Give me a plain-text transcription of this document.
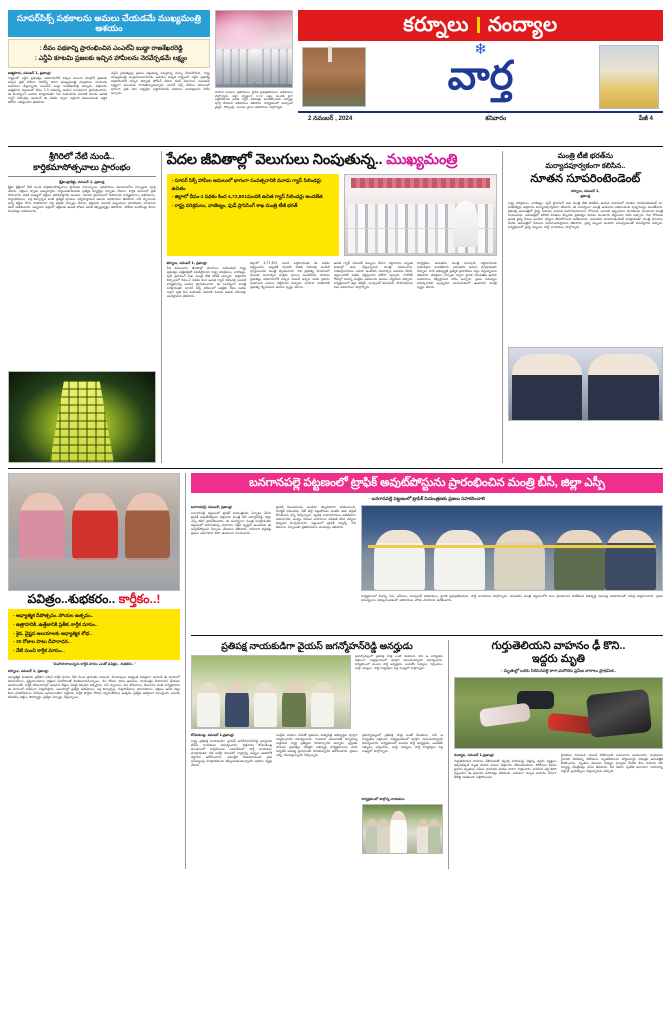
సూపర్‌సిక్స్ పథకాలను అమలు చేయడమే ముఖ్యమంత్రి ఆశయం
: దీపం పథకాన్ని ప్రారంభించిన ఎంఎల్‌ఏ బుడ్డా రాజశేఖరరెడ్డి
: ఎన్డీఏ కూటమి ప్రజలకు ఇచ్చిన హామీలను నెరవేర్చడమే లక్ష్యం
ఆత్మకూరు, నవంబర్ 1, ప్రజాంధ్ర:
రాష్ట్రంలో ఎన్డీఏ ప్రభుత్వం అధికారంలోకి వచ్చిన నాలుగు నెలల్లోనే ప్రజలకు ఇచ్చిన ప్రతి హామీని నెరవేర్చే దిశగా ముఖ్యమంత్రి చంద్రబాబు నాయుడు అడుగులు వేస్తున్నారని ఎంఎల్‌ఏ బుడ్డా రాజశేఖరరెడ్డి అన్నారు. శుక్రవారం ఆత్మకూరు పట్టణంలో దీపం 2.0 పథకాన్ని ఆయన లాంఛనంగా ప్రారంభించారు. ఈ సందర్భంగా ఆయన మాట్లాడుతూ పేద మహిళలకు ఏడాదికి మూడు ఉచిత గ్యాస్ సిలిండర్లు అందించే ఈ పథకం ద్వారా లక్షలాది కుటుంబాలకు ఆర్థిక భరోసా లభిస్తుందని తెలిపారు.
ఎన్డీఏ ప్రభుత్వంపై ప్రజలు పెట్టుకున్న నమ్మకాన్ని వమ్ము చేయబోమని, రాష్ట్ర ముఖ్యమంత్రి చంద్రబాబునాయుడు ఆశయం అన్నది రాష్ట్రంలో ఎన్డీఏ ప్రభుత్వ అధికారంలోకి వచ్చిన తర్వాత కెరోసిన్ దీపాల కంటే వెలుగులు నింపడమే లక్ష్యంగా ముందుకు సాగుతున్నామన్నారు. సూపర్ సిక్స్ హామీల అమలులో భాగంగా ప్రతి నెలా అర్హులైన లబ్ధిదారులకు పథకాలు అందిస్తామని హామీ ఇచ్చారు.	మహిళా సంఘాల ప్రతినిధులు, స్థానిక ప్రజాప్రతినిధులు, అధికారులు పాల్గొన్నారు. జిల్లా వ్యాప్తంగా 4.72 లక్షల మందికి పైగా లబ్ధిదారులకు ఉచిత గ్యాస్ సిలిండర్లు అందజేసేందుకు ఏర్పాట్లు పూర్తి చేశామని అధికారులు తెలిపారు. కార్యక్రమంలో మున్సిపల్ చైర్మన్, కౌన్సిలర్లు, మండల స్థాయి అధికారులు పాల్గొన్నారు.
కర్నూలు నంద్యాల
❄
వార్త
2 నవంబర్ , 2024	శనివారం	పేజీ 4
శ్రీగిరిలో నేటి నుండి..
కార్తికమాసోత్సవాలు ప్రారంభం
శ్రీశైలంప్రాజెక్టు, నవంబర్ 1, ప్రజాంధ్ర
శ్రీశైల క్షేత్రంలో నేటి నుండి కార్తికమాసోత్సవాలు ప్రారంభం కానున్నాయి. అధికారులు ఆలయంలోను ఏర్పాట్లను పూర్తి చేశారు. భక్తులు స్వామి అమ్మవార్లను దర్శించుకునేందుకు ప్రత్యేక క్యూలైన్లు ఏర్పాటు చేశారు. కార్తిక మాసంలో ప్రతి సోమవారం అధిక సంఖ్యలో భక్తులు తరలివస్తారని అంచనా. ఆలయ ప్రాంగణంలో దీపారాధన కార్యక్రమాలు, అభిషేకాలు, రుద్రాభిషేకాలు, లక్ష బిల్వార్చన వంటి ప్రత్యేక పూజలు నిర్వహిస్తామని ఆలయ అధికారులు తెలిపారు. నదీ స్నానాలకు వచ్చే భక్తుల కోసం పాతాళగంగ వద్ద భద్రతా ఏర్పాట్లు చేశారు. భక్తులకు ఎలాంటి ఇబ్బందులు కలగకుండా చూడాలని ఈవో ఆదేశించారు. అన్నదాన సత్రంలో భక్తులకు ఉచిత భోజన వసతి కల్పిస్తున్నట్లు తెలిపారు. పోలీసు బందోబస్తు కూడా పెంచినట్లు వివరించారు.
పేదల జీవితాల్లో వెలుగులు నింపుతున్న.. ముఖ్యమంత్రి
- సూపర్ సిక్స్ హామీల అమలులో భాగంగా సంవత్సరానికి మూడు గ్యాస్ సిలిండర్లు ఉచితం
- జిల్లాలో దీపం-2 పథకం కింద 4,72,801మందికి ఉచిత గ్యాస్ సిలిండర్లు అందజేత
- రాష్ట్ర పరిశ్రమలు, వాణిజ్యం, ఫుడ్ ప్రాసెసింగ్ శాఖ మంత్రి టీజీ భరత్
కర్నూలు, నవంబర్ 1, ప్రజాంధ్ర:
పేద కుటుంబాల జీవితాల్లో వెలుగులు నింపేందుకు రాష్ట్ర ప్రభుత్వం చిత్తశుద్ధితో పనిచేస్తోందని రాష్ట్ర పరిశ్రమలు, వాణిజ్యం, ఫుడ్ ప్రాసెసింగ్ శాఖ మంత్రి టీజీ భరత్ అన్నారు. శుక్రవారం కర్నూలులో దీపం-2 పథకం కింద ఉచిత గ్యాస్ సిలిండర్ల పంపిణీ కార్యక్రమాన్ని ఆయన ప్రారంభించారు. ఈ సందర్భంగా మంత్రి మాట్లాడుతూ సూపర్ సిక్స్ హామీలలో ఒకటైన దీపం పథకం ద్వారా ప్రతి పేద మహిళకు ఏడాదికి మూడు ఉచిత సిలిండర్లు అందిస్తామని తెలిపారు.
జిల్లాలో 4,72,801 మంది లబ్ధిదారులకు ఈ పథకం వర్తిస్తుందని, ఇప్పటికే మొదటి విడత సిలిండర్ల పంపిణీ పూర్తయిందని మంత్రి వెల్లడించారు. గత ప్రభుత్వ హయాంలో పేదలకు అందాల్సిన సంక్షేమ ఫలాలు అందలేదని, కూటమి ప్రభుత్వం అధికారంలోకి వచ్చిన వెంటనే ఇచ్చిన మాట ప్రకారం పథకాలను అమలు చేస్తోందని అన్నారు. మహిళా సాధికారతే ప్రభుత్వ ధ్యేయమని ఆయన స్పష్టం చేశారు.
ఉచిత గ్యాస్ సిలిండర్ డబ్బులు నేరుగా లబ్ధిదారుల బ్యాంకు ఖాతాల్లో జమ చేస్తున్నామని మంత్రి వివరించారు. దరఖాస్తుదారులు ఎవరూ ఆందోళన చెందాల్సిన అవసరం లేదని, అర్హులందరికీ పథకం వర్తిస్తుందని భరోసా ఇచ్చారు. రాబోయే రోజుల్లో మరిన్ని సంక్షేమ పథకాలను అమలు చేస్తామని చెప్పారు. కార్యక్రమంలో జిల్లా కలెక్టర్, మున్సిపల్ కమిషనర్, పౌరసరఫరాల శాఖ అధికారులు పాల్గొన్నారు.
కార్యక్రమం అనంతరం మంత్రి పలువురు లబ్ధిదారులకు సిలిండర్లను అందజేశారు. అనంతరం ఆయన మాట్లాడుతూ కర్నూలు నగర అభివృద్ధికి ప్రత్యేక ప్రణాళికలు సిద్ధం చేస్తున్నామని తెలిపారు. పరిశ్రమల ఏర్పాటు ద్వారా స్థానిక యువతకు ఉపాధి అవకాశాలు కల్పిస్తామని హామీ ఇచ్చారు. ప్రజల సమస్యల పరిష్కారానికి ఎల్లప్పుడూ అందుబాటులో ఉంటానని మంత్రి స్పష్టం చేశారు.
మంత్రి టీజీ భరత్‌ను
మర్యాదపూర్వకంగా కలిసిన..
నూతన సూపరింటెండెంట్
కర్నూలు, నవంబర్ 1,
ప్రజాంధ్ర
రాష్ట్ర పరిశ్రమలు, వాణిజ్యం, ఫుడ్ ప్రాసెసింగ్ శాఖ మంత్రి టీజీ భరత్‌ను ఆయన నివాసంలో నూతన సూపరింటెండెంట్ డా. వెంకటేశ్వర్లు శుక్రవారం మర్యాదపూర్వకంగా కలిశారు. ఈ సందర్భంగా మంత్రి ఆయనను అభినందించి పుష్పగుచ్ఛం అందజేశారు. ప్రభుత్వ ఆసుపత్రిలో వైద్య సేవలను మరింత మెరుగుపరచాలని, రోగులకు ఎలాంటి ఇబ్బందులు కలగకుండా చూడాలని మంత్రి సూచించారు. ఆసుపత్రిలో మౌలిక వసతుల కల్పనకు ప్రభుత్వం నిధులు మంజూరు చేస్తుందని హామీ ఇచ్చారు. పేద రోగులకు ఉచిత వైద్య సేవలు అందేలా చర్యలు తీసుకోవాలని ఆదేశించారు. అనంతరం సూపరింటెండెంట్ మాట్లాడుతూ మంత్రి సూచనల మేరకు ఆసుపత్రిలో సేవలను మెరుగుపరుస్తామని తెలిపారు. వైద్య సిబ్బంది అందరూ సమన్వయంతో పనిచేస్తారని చెప్పారు. కార్యక్రమంలో వైద్య సిబ్బంది, పార్టీ నాయకులు పాల్గొన్నారు.
పవిత్రం..శుభకరం.. కార్తీకం..!
- ఆధ్యాత్మిక దీపోత్సవం..సోయల ఉత్సవం..
- ఉత్రాహనికి..ఉత్తేజానికి ప్రతీక..కార్తీక మాసం..
- శైవ, వైష్ణవ ఆలయాలకు ఆధ్యాత్మిక శోభ..
- 30 రోజుల పాటు దీపారాధన..
- నేటి నుంచి కార్తీక మాసం...
"మహాపాపాలున్నను కార్తీక మాసం ఎంతో పవిత్రం.. శుభకరం.."
కర్నూలు, నవంబర్ 1, ప్రజాంధ్ర:
ఆధ్యాత్మిక చింతనకు ప్రతీకగా నిలిచే కార్తీక మాసం నేటి నుంచి ప్రారంభం కానుంది. హిందువులు అత్యంత పవిత్రంగా భావించే ఈ మాసంలో శివాలయాలు, వైష్ణవాలయాలు భక్తజన సందోహంతో కిటకిటలాడనున్నాయి. నెల రోజుల పాటు ఉదయం, సాయంత్రం దీపారాధన చేయడం ఆనవాయితీ. కార్తీక సోమవారాల్లో ఉపవాస దీక్షలు చేపట్టి శివుడిని అర్చిస్తారు. నదీ స్నానాలు, వన భోజనాలు, దీపదానం వంటి కార్యక్రమాలు ఈ మాసంలో విశేషంగా నిర్వహిస్తారు. ఆలయాల్లో ప్రత్యేక అభిషేకాలు, లక్ష బిల్వార్చన, రుద్రాభిషేకాలు జరుగుతాయి. భక్తులు ఉసిరి చెట్టు కింద వనభోజనాలు చేయడం ఆనవాయితీగా వస్తోంది. కార్తీక పౌర్ణమి రోజున జ్వాలాతోరణం ఉత్సవం ప్రత్యేక ఆకర్షణగా నిలుస్తుంది. ఆలయ కమిటీలు భక్తుల సౌకర్యార్థం ప్రత్యేక ఏర్పాట్లు చేస్తున్నాయి.
బనగానపల్లె పట్టణంలో ట్రాఫిక్ అవుట్‌పోస్టును ప్రారంభించిన మంత్రి బీసీ, జిల్లా ఎస్పీ
- బనగానపల్లె పట్టణంలో ట్రాఫిక్ నియంత్రణకు ప్రజలు సహకరించాలి
బనగానపల్లె, నవంబర్, ప్రజాంధ్ర:
బనగానపల్లె పట్టణంలో ట్రాఫిక్ నియంత్రణకు ఏర్పాటు చేసిన ట్రాఫిక్ అవుట్‌పోస్టును శుక్రవారం మంత్రి బీసీ జనార్దన్‌రెడ్డి, జిల్లా ఎస్పీ కలిసి ప్రారంభించారు. ఈ సందర్భంగా మంత్రి మాట్లాడుతూ పట్టణంలో పెరుగుతున్న వాహనాల రద్దీని దృష్టిలో ఉంచుకుని ఈ అవుట్‌పోస్టును ఏర్పాటు చేశామని తెలిపారు. రహదారి భద్రతపై ప్రజలు అవగాహన కలిగి ఉండాలని సూచించారు.
ట్రాఫిక్ నిబంధనలను అందరూ తప్పనిసరిగా పాటించాలని, హెల్మెట్ ధరించడం, సీట్ బెల్ట్ పెట్టుకోవడం వంటివి తమ భద్రత కోసమేనని ఎస్పీ పేర్కొన్నారు. ద్విచక్ర వాహనదారులు అతివేగంగా నడపరాదని, మద్యం సేవించి వాహనాలు నడిపితే కఠిన చర్యలు తప్పవని హెచ్చరించారు. పట్టణంలో ట్రాఫిక్ సిగ్నల్స్, సీసీ కెమెరాల ఏర్పాటుకు ప్రతిపాదనలు పంపినట్లు తెలిపారు.
కార్యక్రమంలో డీఎస్పీ, సీఐ, ఎస్ఐలు, మున్సిపల్ అధికారులు, స్థానిక ప్రజాప్రతినిధులు, పార్టీ నాయకులు పాల్గొన్నారు. అనంతరం మంత్రి పట్టణంలోని పలు ప్రాంతాలను పరిశీలించి అభివృద్ధి పనులపై అధికారులతో సమీక్ష నిర్వహించారు. ప్రజల సమస్యలను పరిష్కరించడంలో అధికారులు చొరవ చూపాలని ఆదేశించారు.
ప్రతిపక్ష నాయకుడిగా వైయస్ జగన్మోహన్‌రెడ్డి అనర్హుడు
ప్రజాస్వామ్యంలో ప్రతిపక్ష పాత్ర ఎంతో కీలకమని, కానీ ఆ బాధ్యతను సక్రమంగా నిర్వర్తించడంలో పూర్తిగా విఫలమయ్యారని విమర్శించారు. కార్యక్రమంలో మండల పార్టీ అధ్యక్షుడు, ఎంపీటీసీ సభ్యులు, సర్పంచ్‌లు, వార్డు సభ్యులు, పార్టీ కార్యకర్తలు పెద్ద సంఖ్యలో పాల్గొన్నారు.
కోవెలకుంట్ల, నవంబర్ 1,ప్రజాంధ్ర:
రాష్ట్ర ప్రతిపక్ష నాయకుడిగా వైయస్ జగన్‌మోహన్‌రెడ్డి అనర్హుడని టీడీపీ నాయకులు విమర్శించారు. శుక్రవారం కోవెలకుంట్ల మండలంలో నిర్వహించిన సమావేశంలో పార్టీ నాయకులు మాట్లాడుతూ గత ఐదేళ్ల పాలనలో రాష్ట్రాన్ని అప్పుల ఊబిలోకి నెట్టారని ఆరోపించారు. అసెంబ్లీకి హాజరుకాకుండా ప్రజా సమస్యలపై మాట్లాడకుండా తప్పించుకుంటున్నారని ఆగ్రహం వ్యక్తం చేశారు.
సంక్షేమ పథకాల పేరుతో ప్రజలను మభ్యపెట్టి అభివృద్ధిని పూర్తిగా విస్మరించారని విమర్శించారు. రాజధాని అమరావతి నిర్మాణాన్ని అడ్డుకుని రాష్ట్ర ప్రతిష్టను దిగజార్చారని అన్నారు. ప్రస్తుతం కూటమి ప్రభుత్వం చేపట్టిన అభివృద్ధి కార్యక్రమాలను చూసి ఓర్వలేక అసత్య ప్రచారాలకు దిగుతున్నారని ఆరోపించారు. ప్రజలు అన్నీ గమనిస్తున్నారని పేర్కొన్నారు.
ప్రజాస్వామ్యంలో ప్రతిపక్ష పాత్ర ఎంతో కీలకమని, కానీ ఆ బాధ్యతను సక్రమంగా నిర్వర్తించడంలో పూర్తిగా విఫలమయ్యారని విమర్శించారు. కార్యక్రమంలో మండల పార్టీ అధ్యక్షుడు, ఎంపీటీసీ సభ్యులు, సర్పంచ్‌లు, వార్డు సభ్యులు, పార్టీ కార్యకర్తలు పెద్ద సంఖ్యలో పాల్గొన్నారు.
కార్యక్రమంలో పాల్గొన్న నాయకులు
గుర్తుతెలియని వాహనం ఢీ కొని..
ఇద్దరు మృతి
- మృతుల్లో ఒకరు సిరిసెనపల్లె కాగా,మరొకరు ప్రవీణ వారాలు ప్రాథమిక..
నంద్యాల, నవంబర్ 1,ప్రజాంధ్ర:
గుర్తుతెలియని వాహనం ఢీకొనడంతో ద్విచక్ర వాహనంపై వెళ్తున్న ఇద్దరు వ్యక్తులు అక్కడికక్కడే మృతి చెందిన ఘటన శుక్రవారం చోటుచేసుకుంది. పోలీసుల కథనం ప్రకారం మృతులు సమీప గ్రామానికి చెందిన వారిగా గుర్తించారు. పనిమీద వెళ్లి తిరిగి వస్తుండగా ఈ ప్రమాదం జరిగినట్లు తెలిసింది. ఎదురుగా వచ్చిన వాహనం వేగంగా ఢీకొట్టి ఆపకుండా వెళ్లిపోయింది.
స్థానికులు గమనించి వెంటనే పోలీసులకు సమాచారం అందించారు. సంఘటనా స్థలానికి చేరుకున్న పోలీసులు మృతదేహాలను పోస్టుమార్టం నిమిత్తం ఆసుపత్రికి తరలించారు. మృతుల కుటుంబ సభ్యుల ఫిర్యాదు మేరకు కేసు నమోదు చేసి దర్యాప్తు చేపట్టినట్లు ఎస్ఐ తెలిపారు. సీసీ కెమెరా ఫుటేజీ ఆధారంగా వాహనాన్ని గుర్తించే ప్రయత్నాలు చేస్తున్నామని చెప్పారు.
